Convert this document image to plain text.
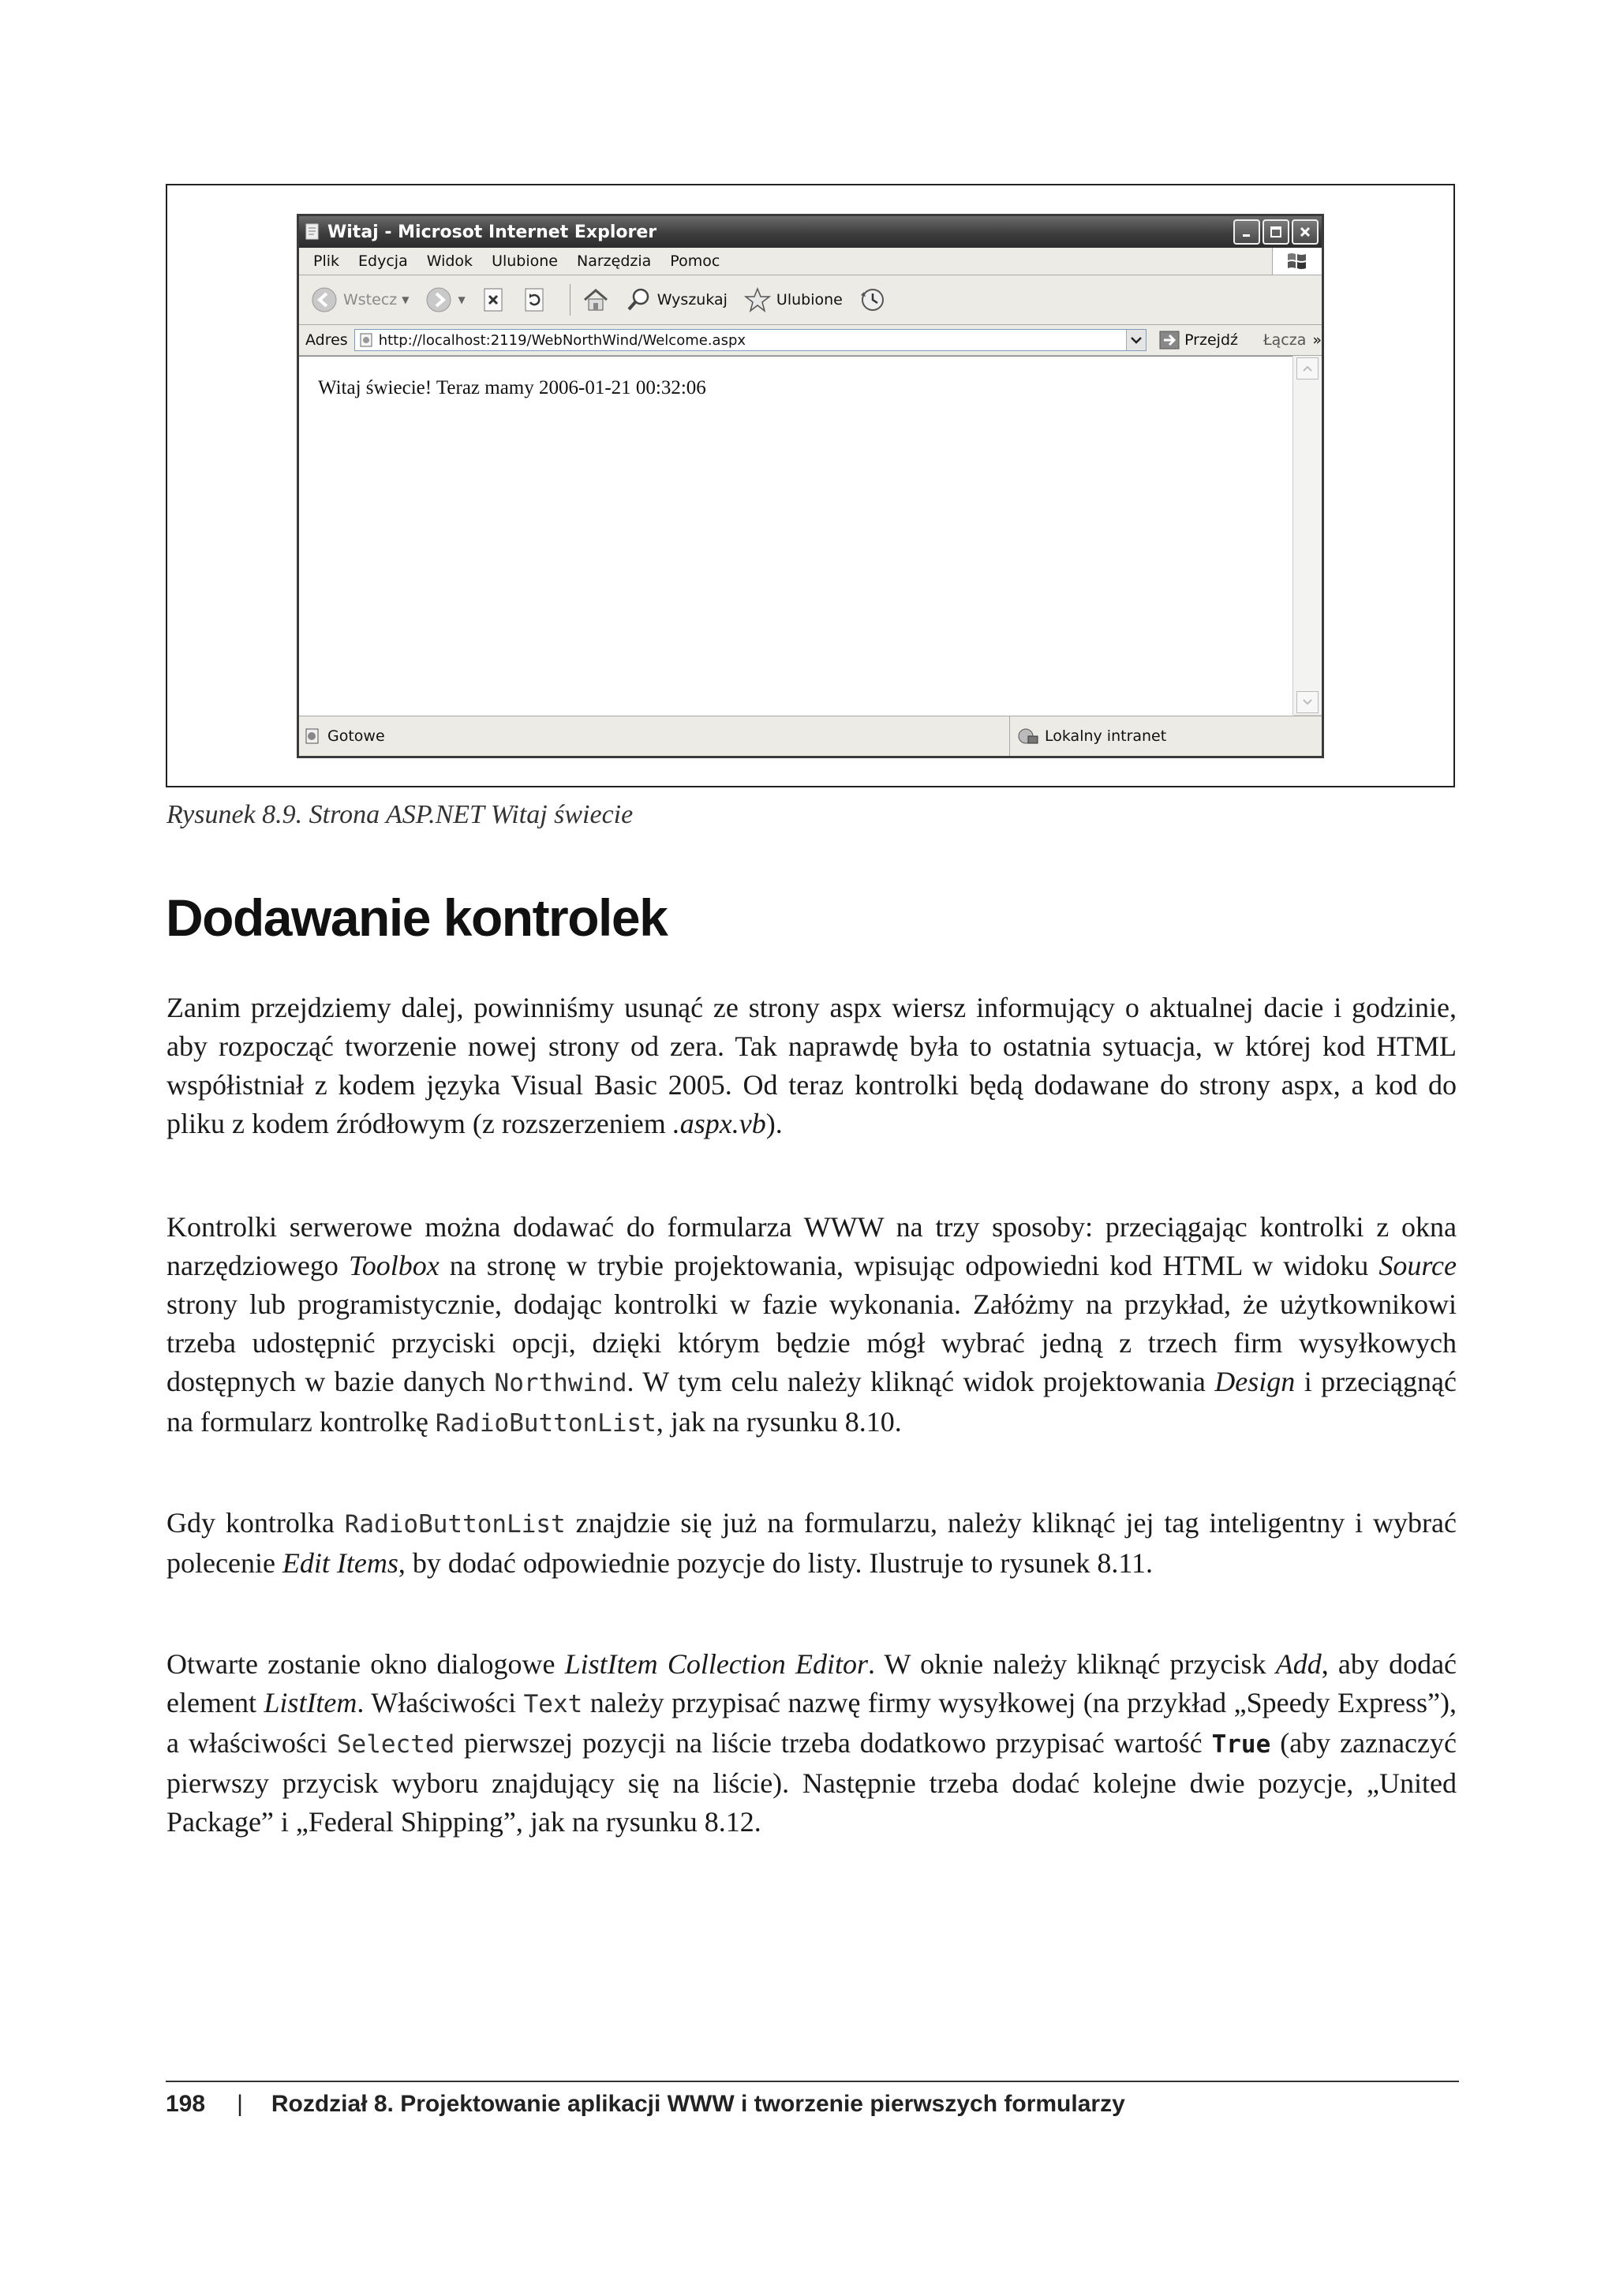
Witaj - Microsot Internet Explorer
Plik	Edycja	Widok	Ulubione	Narzędzia	Pomoc
Wstecz ▼	▼	Wyszukaj	Ulubione
Adres http://localhost:2119/WebNorthWind/Welcome.aspx	Przejdź Łącza »
Witaj świecie! Teraz mamy 2006-01-21 00:32:06
Gotowe	Lokalny intranet
Rysunek 8.9. Strona ASP.NET Witaj świecie
Dodawanie kontrolek

Zanim przejdziemy dalej, powinniśmy usunąć ze strony aspx wiersz informujący o aktualnej dacie i godzinie, aby rozpocząć tworzenie nowej strony od zera. Tak naprawdę była to ostatnia sytuacja, w której kod HTML współistniał z kodem języka Visual Basic 2005. Od teraz kontrolki będą dodawane do strony aspx, a kod do pliku z kodem źródłowym (z rozszerzeniem .aspx.vb).

Kontrolki serwerowe można dodawać do formularza WWW na trzy sposoby: przeciągając kontrolki z okna narzędziowego Toolbox na stronę w trybie projektowania, wpisując odpowiedni kod HTML w widoku Source strony lub programistycznie, dodając kontrolki w fazie wykonania. Załóżmy na przykład, że użytkownikowi trzeba udostępnić przyciski opcji, dzięki którym będzie mógł wybrać jedną z trzech firm wysyłkowych dostępnych w bazie danych Northwind. W tym celu należy kliknąć widok projektowania Design i przeciągnąć na formularz kontrolkę RadioButtonList, jak na rysunku 8.10.

Gdy kontrolka RadioButtonList znajdzie się już na formularzu, należy kliknąć jej tag inteligentny i wybrać polecenie Edit Items, by dodać odpowiednie pozycje do listy. Ilustruje to rysunek 8.11.

Otwarte zostanie okno dialogowe ListItem Collection Editor. W oknie należy kliknąć przycisk Add, aby dodać element ListItem. Właściwości Text należy przypisać nazwę firmy wysyłkowej (na przykład „Speedy Express”), a właściwości Selected pierwszej pozycji na liście trzeba dodatkowo przypisać wartość True (aby zaznaczyć pierwszy przycisk wyboru znajdujący się na liście). Następnie trzeba dodać kolejne dwie pozycje, „United Package” i „Federal Shipping”, jak na rysunku 8.12.

198 | Rozdział 8. Projektowanie aplikacji WWW i tworzenie pierwszych formularzy
